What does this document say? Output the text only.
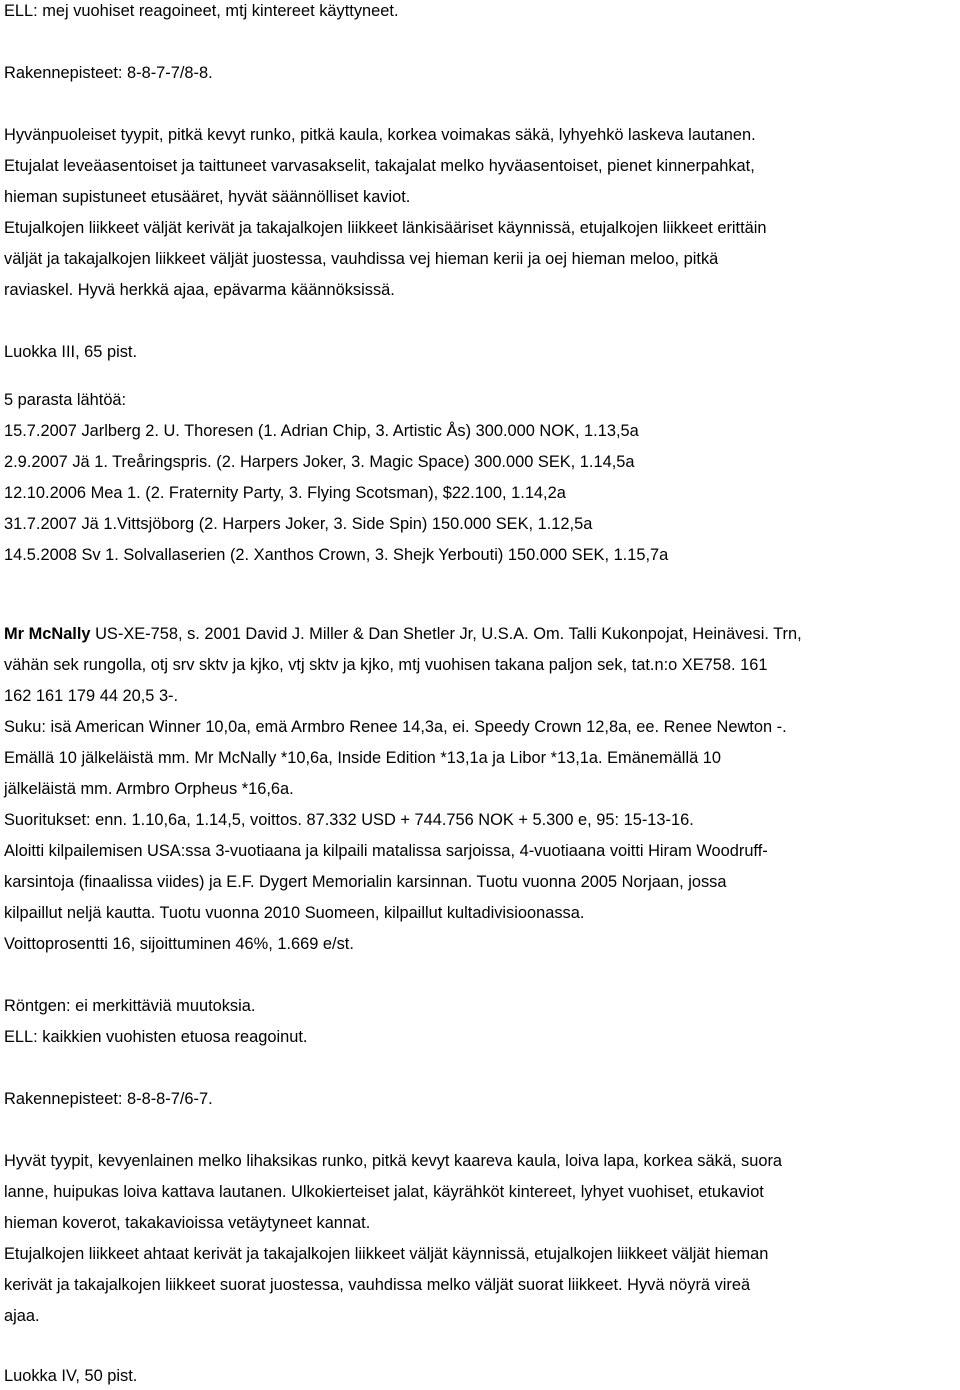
ELL: mej vuohiset reagoineet, mtj kintereet käyttyneet.
Rakennepisteet: 8-8-7-7/8-8.
Hyvänpuoleiset tyypit, pitkä kevyt runko, pitkä kaula, korkea voimakas säkä, lyhyehkö laskeva lautanen.
Etujalat leveäasentoiset ja taittuneet varvasakselit, takajalat melko hyväasentoiset, pienet kinnerpahkat,
hieman supistuneet etusääret, hyvät säännölliset kaviot.
Etujalkojen liikkeet väljät kerivät ja takajalkojen liikkeet länkisääriset käynnissä, etujalkojen liikkeet erittäin
väljät ja takajalkojen liikkeet väljät juostessa, vauhdissa vej hieman kerii ja oej hieman meloo, pitkä
raviaskel. Hyvä herkkä ajaa, epävarma käännöksissä.
Luokka III, 65 pist.
5 parasta lähtöä:
15.7.2007 Jarlberg 2. U. Thoresen (1. Adrian Chip, 3. Artistic Ås) 300.000 NOK, 1.13,5a
2.9.2007 Jä 1. Treåringspris. (2. Harpers Joker, 3. Magic Space) 300.000 SEK, 1.14,5a
12.10.2006 Mea 1. (2. Fraternity Party, 3. Flying Scotsman), $22.100, 1.14,2a
31.7.2007 Jä 1.Vittsjöborg (2. Harpers Joker, 3. Side Spin) 150.000 SEK, 1.12,5a
14.5.2008 Sv 1. Solvallaserien (2. Xanthos Crown, 3. Shejk Yerbouti) 150.000 SEK, 1.15,7a
Mr McNally US-XE-758, s. 2001 David J. Miller & Dan Shetler Jr, U.S.A. Om. Talli Kukonpojat, Heinävesi. Trn,
vähän sek rungolla, otj srv sktv ja kjko, vtj sktv ja kjko, mtj vuohisen takana paljon sek, tat.n:o XE758. 161
162 161 179 44 20,5 3-.
Suku: isä American Winner 10,0a, emä Armbro Renee 14,3a, ei. Speedy Crown 12,8a, ee. Renee Newton -.
Emällä 10 jälkeläistä mm. Mr McNally *10,6a, Inside Edition *13,1a ja Libor *13,1a. Emänemällä 10
jälkeläistä mm. Armbro Orpheus *16,6a.
Suoritukset: enn. 1.10,6a, 1.14,5, voittos. 87.332 USD + 744.756 NOK + 5.300 e, 95: 15-13-16.
Aloitti kilpailemisen USA:ssa 3-vuotiaana ja kilpaili matalissa sarjoissa, 4-vuotiaana voitti Hiram Woodruff-
karsintoja (finaalissa viides) ja E.F. Dygert Memorialin karsinnan. Tuotu vuonna 2005 Norjaan, jossa
kilpaillut neljä kautta. Tuotu vuonna 2010 Suomeen, kilpaillut kultadivisioonassa.
Voittoprosentti 16, sijoittuminen 46%, 1.669 e/st.
Röntgen: ei merkittäviä muutoksia.
ELL: kaikkien vuohisten etuosa reagoinut.
Rakennepisteet: 8-8-8-7/6-7.
Hyvät tyypit, kevyenlainen melko lihaksikas runko, pitkä kevyt kaareva kaula, loiva lapa, korkea säkä, suora
lanne, huipukas loiva kattava lautanen. Ulkokierteiset jalat, käyrähköt kintereet, lyhyet vuohiset, etukaviot
hieman koverot, takakavioissa vetäytyneet kannat.
Etujalkojen liikkeet ahtaat kerivät ja takajalkojen liikkeet väljät käynnissä, etujalkojen liikkeet väljät hieman
kerivät ja takajalkojen liikkeet suorat juostessa, vauhdissa melko väljät suorat liikkeet. Hyvä nöyrä vireä
ajaa.
Luokka IV, 50 pist.
